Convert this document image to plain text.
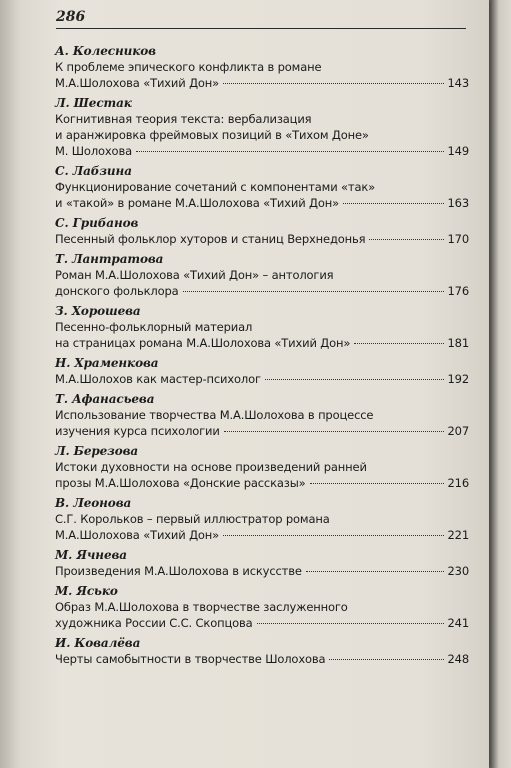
286
А. Колесников
К проблеме эпического конфликта в романе
М.А.Шолохова «Тихий Дон»	143
Л. Шестак
Когнитивная теория текста: вербализация
и аранжировка фреймовых позиций в «Тихом Доне»
М. Шолохова	149
С. Лабзина
Функционирование сочетаний с компонентами «так»
и «такой» в романе М.А.Шолохова «Тихий Дон»	163
С. Грибанов
Песенный фольклор хуторов и станиц Верхнедонья	170
Т. Лантратова
Роман М.А.Шолохова «Тихий Дон» – антология
донского фольклора	176
З. Хорошева
Песенно-фольклорный материал
на страницах романа М.А.Шолохова «Тихий Дон»	181
Н. Храменкова
М.А.Шолохов как мастер-психолог	192
Т. Афанасьева
Использование творчества М.А.Шолохова в процессе
изучения курса психологии	207
Л. Березова
Истоки духовности на основе произведений ранней
прозы М.А.Шолохова «Донские рассказы»	216
В. Леонова
С.Г. Корольков – первый иллюстратор романа
М.А.Шолохова «Тихий Дон»	221
М. Ячнева
Произведения М.А.Шолохова в искусстве	230
М. Ясько
Образ М.А.Шолохова в творчестве заслуженного
художника России С.С. Скопцова	241
И. Ковалёва
Черты самобытности в творчестве Шолохова	248
